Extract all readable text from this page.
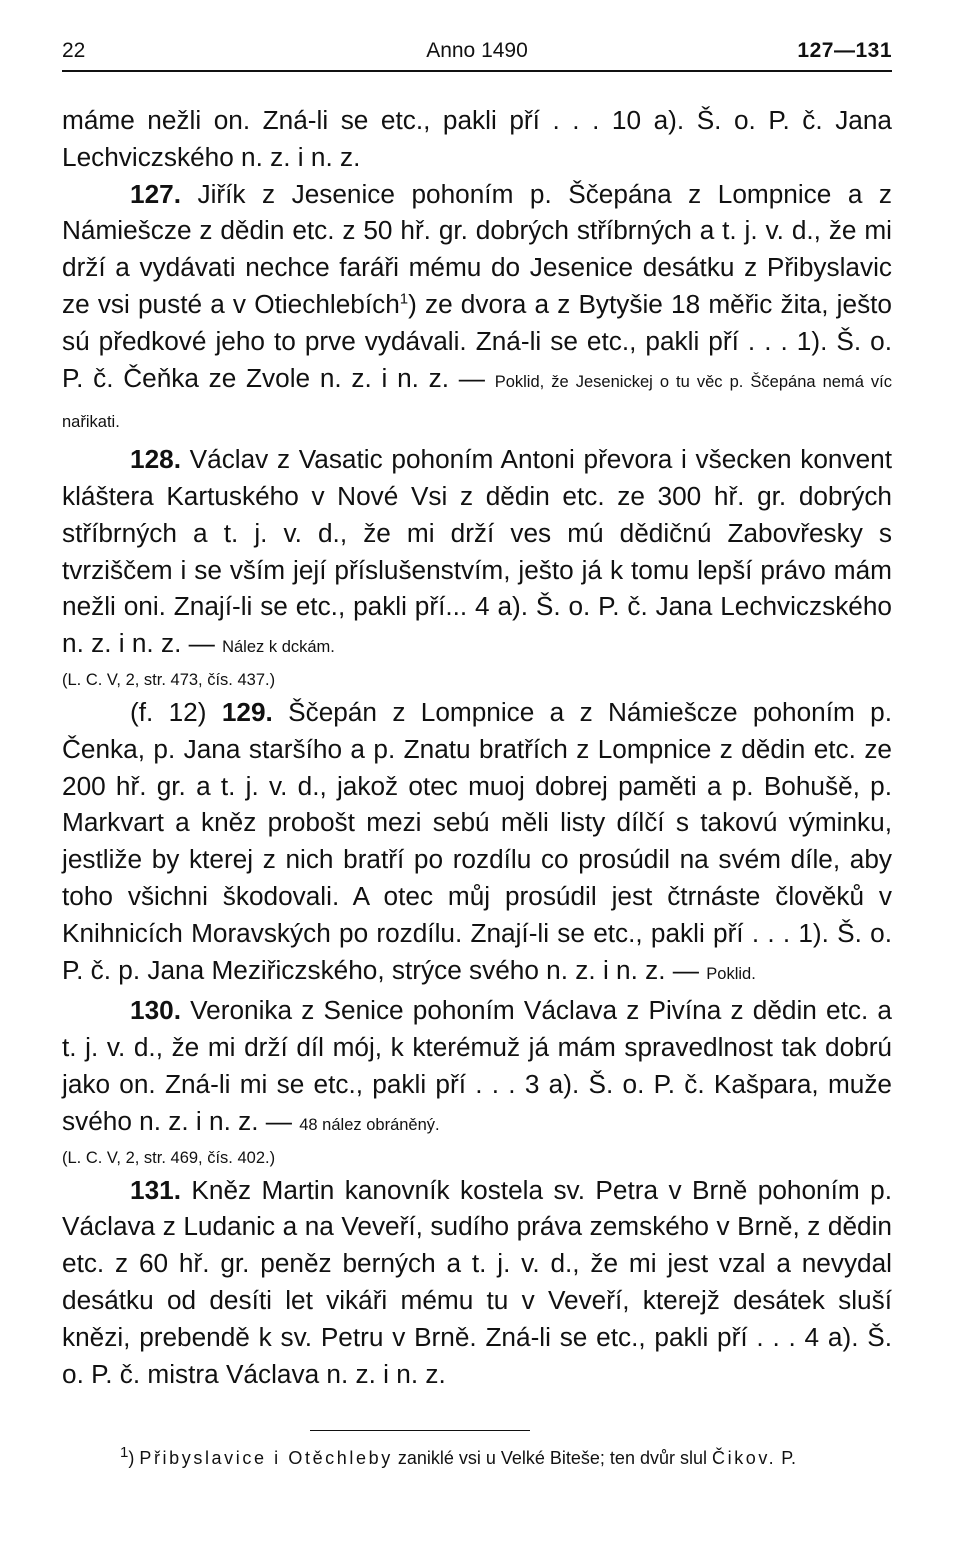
22	Anno 1490	127—131

máme nežli on. Zná-li se etc., pakli pří . . . 10 a). Š. o. P. č. Jana Lechviczského n. z. i n. z.

127. Jiřík z Jesenice pohoním p. Ščepána z Lompnice a z Námiešcze z dědin etc. z 50 hř. gr. dobrých stříbrných a t. j. v. d., že mi drží a vydávati nechce faráři mému do Jesenice desátku z Přibyslavic ze vsi pusté a v Otiechlebích$^1$) ze dvora a z Bytyšie 18 měřic žita, ješto sú předkové jeho to prve vydávali. Zná-li se etc., pakli pří . . . 1). Š. o. P. č. Čeňka ze Zvole n. z. i n. z. — Poklid, že Jesenickej o tu věc p. Ščepána nemá víc nařikati.

128. Václav z Vasatic pohoním Antoni převora i všecken konvent kláštera Kartuského v Nové Vsi z dědin etc. ze 300 hř. gr. dobrých stříbrných a t. j. v. d., že mi drží ves mú dědičnú Zabovřesky s tvrziščem i se vším její příslušenstvím, ješto já k tomu lepší právo mám nežli oni. Znají-li se etc., pakli pří... 4 a). Š. o. P. č. Jana Lechviczského n. z. i n. z. — Nález k dckám.

(L. C. V, 2, str. 473, čís. 437.)

(f. 12) 129. Ščepán z Lompnice a z Námiešcze pohoním p. Čenka, p. Jana staršího a p. Znatu bratřích z Lompnice z dědin etc. ze 200 hř. gr. a t. j. v. d., jakož otec muoj dobrej paměti a p. Bohušě, p. Markvart a kněz probošt mezi sebú měli listy dílčí s takovú výminku, jestliže by kterej z nich bratří po rozdílu co prosúdil na svém díle, aby toho všichni škodovali. A otec můj prosúdil jest čtrnáste člověků v Knihnicích Moravských po rozdílu. Znají-li se etc., pakli pří . . . 1). Š. o. P. č. p. Jana Meziřiczského, strýce svého n. z. i n. z. — Poklid.

130. Veronika z Senice pohoním Václava z Pivína z dědin etc. a t. j. v. d., že mi drží díl mój, k kterémuž já mám spravedlnost tak dobrú jako on. Zná-li mi se etc., pakli pří . . . 3 a). Š. o. P. č. Kašpara, muže svého n. z. i n. z. — 48 nález obráněný.

(L. C. V, 2, str. 469, čís. 402.)

131. Kněz Martin kanovník kostela sv. Petra v Brně pohoním p. Václava z Ludanic a na Veveří, sudího práva zemského v Brně, z dědin etc. z 60 hř. gr. peněz berných a t. j. v. d., že mi jest vzal a nevydal desátku od desíti let vikáři mému tu v Veveří, kterejž desátek sluší knězi, prebendě k sv. Petru v Brně. Zná-li se etc., pakli pří . . . 4 a). Š. o. P. č. mistra Václava n. z. i n. z.

$^1$) Přibyslavice i Otěchleby zaniklé vsi u Velké Biteše; ten dvůr slul Čikov. P.
